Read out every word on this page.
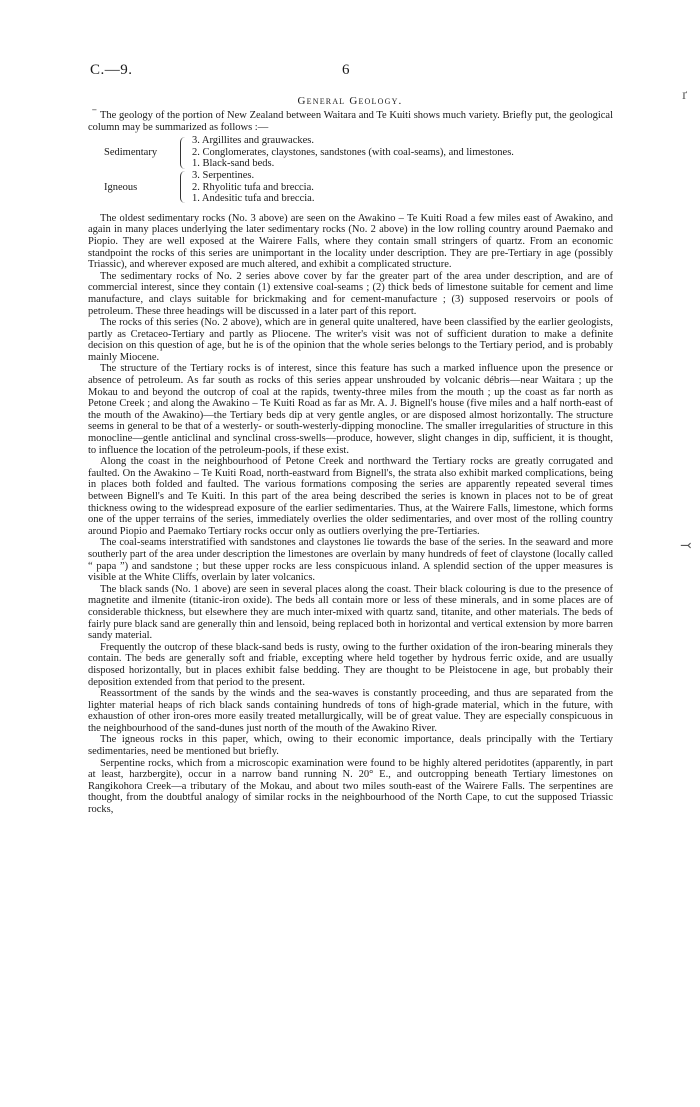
C.—9.	6
General Geology.
ˉ
ґ
⤙

The geology of the portion of New Zealand between Waitara and Te Kuiti shows much variety. Briefly put, the geological column may be summarized as follows :—

Sedimentary		3. Argillites and grauwackes.
		2. Conglomerates, claystones, sandstones (with coal-seams), and limestones.
		1. Black-sand beds.
Igneous		3. Serpentines.
		2. Rhyolitic tufa and breccia.
		1. Andesitic tufa and breccia.

The oldest sedimentary rocks (No. 3 above) are seen on the Awakino – Te Kuiti Road a few miles east of Awakino, and again in many places underlying the later sedimentary rocks (No. 2 above) in the low rolling country around Paemako and Piopio. They are well exposed at the Wairere Falls, where they contain small stringers of quartz. From an economic standpoint the rocks of this series are unimportant in the locality under description. They are pre-Tertiary in age (possibly Triassic), and wherever exposed are much altered, and exhibit a complicated structure.

The sedimentary rocks of No. 2 series above cover by far the greater part of the area under description, and are of commercial interest, since they contain (1) extensive coal-seams ; (2) thick beds of limestone suitable for cement and lime manufacture, and clays suitable for brickmaking and for cement-manufacture ; (3) supposed reservoirs or pools of petroleum. These three headings will be discussed in a later part of this report.

The rocks of this series (No. 2 above), which are in general quite unaltered, have been classified by the earlier geologists, partly as Cretaceo-Tertiary and partly as Pliocene. The writer's visit was not of sufficient duration to make a definite decision on this question of age, but he is of the opinion that the whole series belongs to the Tertiary period, and is probably mainly Miocene.

The structure of the Tertiary rocks is of interest, since this feature has such a marked influence upon the presence or absence of petroleum. As far south as rocks of this series appear unshrouded by volcanic débris—near Waitara ; up the Mokau to and beyond the outcrop of coal at the rapids, twenty-three miles from the mouth ; up the coast as far north as Petone Creek ; and along the Awakino – Te Kuiti Road as far as Mr. A. J. Bignell's house (five miles and a half north-east of the mouth of the Awakino)—the Tertiary beds dip at very gentle angles, or are disposed almost horizontally. The structure seems in general to be that of a westerly- or south-westerly-dipping monocline. The smaller irregularities of structure in this monocline—gentle anticlinal and synclinal cross-swells—produce, however, slight changes in dip, sufficient, it is thought, to influence the location of the petroleum-pools, if these exist.

Along the coast in the neighbourhood of Petone Creek and northward the Tertiary rocks are greatly corrugated and faulted. On the Awakino – Te Kuiti Road, north-eastward from Bignell's, the strata also exhibit marked complications, being in places both folded and faulted. The various formations composing the series are apparently repeated several times between Bignell's and Te Kuiti. In this part of the area being described the series is known in places not to be of great thickness owing to the widespread exposure of the earlier sedimentaries. Thus, at the Wairere Falls, limestone, which forms one of the upper terrains of the series, immediately overlies the older sedimentaries, and over most of the rolling country around Piopio and Paemako Tertiary rocks occur only as outliers overlying the pre-Tertiaries.

The coal-seams interstratified with sandstones and claystones lie towards the base of the series. In the seaward and more southerly part of the area under description the limestones are overlain by many hundreds of feet of claystone (locally called “ papa ”) and sandstone ; but these upper rocks are less conspicuous inland. A splendid section of the upper measures is visible at the White Cliffs, overlain by later volcanics.

The black sands (No. 1 above) are seen in several places along the coast. Their black colouring is due to the presence of magnetite and ilmenite (titanic-iron oxide). The beds all contain more or less of these minerals, and in some places are of considerable thickness, but elsewhere they are much inter-mixed with quartz sand, titanite, and other materials. The beds of fairly pure black sand are generally thin and lensoid, being replaced both in horizontal and vertical extension by more barren sandy material.

Frequently the outcrop of these black-sand beds is rusty, owing to the further oxidation of the iron-bearing minerals they contain. The beds are generally soft and friable, excepting where held together by hydrous ferric oxide, and are usually disposed horizontally, but in places exhibit false bedding. They are thought to be Pleistocene in age, but probably their deposition extended from that period to the present.

Reassortment of the sands by the winds and the sea-waves is constantly proceeding, and thus are separated from the lighter material heaps of rich black sands containing hundreds of tons of high-grade material, which in the future, with exhaustion of other iron-ores more easily treated metallurgically, will be of great value. They are especially conspicuous in the neighbourhood of the sand-dunes just north of the mouth of the Awakino River.

The igneous rocks in this paper, which, owing to their economic importance, deals principally with the Tertiary sedimentaries, need be mentioned but briefly.

Serpentine rocks, which from a microscopic examination were found to be highly altered peridotites (apparently, in part at least, harzbergite), occur in a narrow band running N. 20° E., and outcropping beneath Tertiary limestones on Rangikohora Creek—a tributary of the Mokau, and about two miles south-east of the Wairere Falls. The serpentines are thought, from the doubtful analogy of similar rocks in the neighbourhood of the North Cape, to cut the supposed Triassic rocks,
